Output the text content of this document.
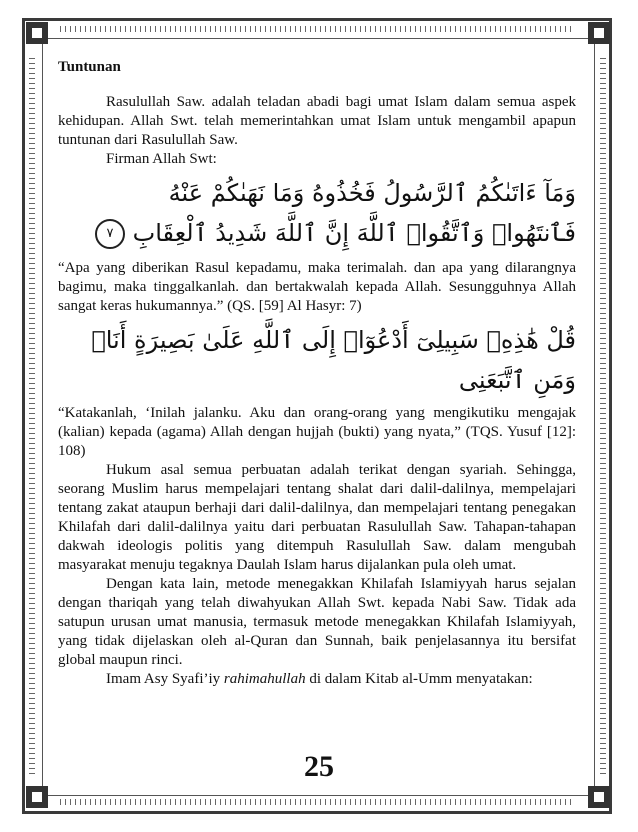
Tuntunan

Rasulullah Saw. adalah teladan abadi bagi umat Islam dalam semua aspek kehidupan. Allah Swt. telah memerintahkan umat Islam untuk mengambil apapun tuntunan dari Rasulullah Saw.

Firman Allah Swt:

وَمَآ ءَاتَىٰكُمُ ٱلرَّسُولُ فَخُذُوهُ وَمَا نَهَىٰكُمْ عَنْهُ
فَٱنتَهُوا۟ وَٱتَّقُوا۟ ٱللَّهَ إِنَّ ٱللَّهَ شَدِيدُ ٱلْعِقَابِ ٧

“Apa yang diberikan Rasul kepadamu, maka terimalah. dan apa yang dilarangnya bagimu, maka tinggalkanlah. dan bertakwalah kepada Allah. Sesungguhnya Allah sangat keras hukumannya.” (QS. [59] Al Hasyr: 7)

قُلْ هَٰذِهِۦ سَبِيلِىٓ أَدْعُوٓا۟ إِلَى ٱللَّهِ عَلَىٰ بَصِيرَةٍ أَنَا۠ وَمَنِ ٱتَّبَعَنِى

“Katakanlah, ‘Inilah jalanku. Aku dan orang-orang yang mengikutiku mengajak (kalian) kepada (agama) Allah dengan hujjah (bukti) yang nyata,” (TQS. Yusuf [12]: 108)

Hukum asal semua perbuatan adalah terikat dengan syariah. Sehingga, seorang Muslim harus mempelajari tentang shalat dari dalil-dalilnya, mempelajari tentang zakat ataupun berhaji dari dalil-dalilnya, dan mempelajari tentang penegakan Khilafah dari dalil-dalilnya yaitu dari perbuatan Rasulullah Saw. Tahapan-tahapan dakwah ideologis politis yang ditempuh Rasulullah Saw. dalam mengubah masyarakat menuju tegaknya Daulah Islam harus dijalankan pula oleh umat.

Dengan kata lain, metode menegakkan Khilafah Islamiyyah harus sejalan dengan thariqah yang telah diwahyukan Allah Swt. kepada Nabi Saw. Tidak ada satupun urusan umat manusia, termasuk metode menegakkan Khilafah Islamiyyah, yang tidak dijelaskan oleh al-Quran dan Sunnah, baik penjelasannya itu bersifat global maupun rinci.

Imam Asy Syafi’iy rahimahullah di dalam Kitab al-Umm menyatakan:

25
